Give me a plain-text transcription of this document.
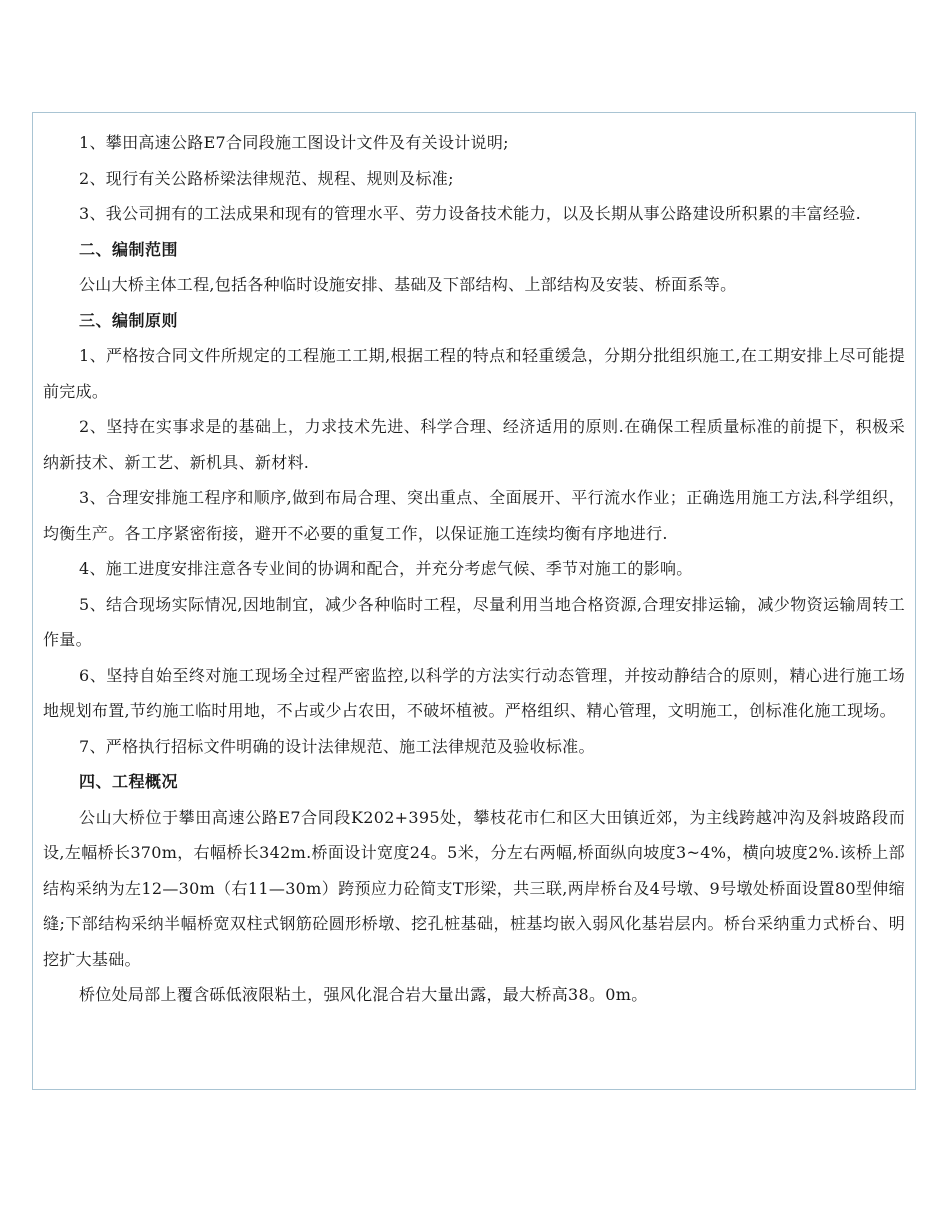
1、攀田高速公路E7合同段施工图设计文件及有关设计说明;

2、现行有关公路桥梁法律规范、规程、规则及标准;

3、我公司拥有的工法成果和现有的管理水平、劳力设备技术能力，以及长期从事公路建设所积累的丰富经验.

二、编制范围

公山大桥主体工程,包括各种临时设施安排、基础及下部结构、上部结构及安装、桥面系等。

三、编制原则

1、严格按合同文件所规定的工程施工工期,根据工程的特点和轻重缓急，分期分批组织施工,在工期安排上尽可能提前完成。

2、坚持在实事求是的基础上，力求技术先进、科学合理、经济适用的原则.在确保工程质量标准的前提下，积极采纳新技术、新工艺、新机具、新材料.

3、合理安排施工程序和顺序,做到布局合理、突出重点、全面展开、平行流水作业；正确选用施工方法,科学组织，均衡生产。各工序紧密衔接，避开不必要的重复工作，以保证施工连续均衡有序地进行.

4、施工进度安排注意各专业间的协调和配合，并充分考虑气候、季节对施工的影响。

5、结合现场实际情况,因地制宜，减少各种临时工程，尽量利用当地合格资源,合理安排运输，减少物资运输周转工作量。

6、坚持自始至终对施工现场全过程严密监控,以科学的方法实行动态管理，并按动静结合的原则，精心进行施工场地规划布置,节约施工临时用地，不占或少占农田，不破坏植被。严格组织、精心管理，文明施工，创标准化施工现场。

7、严格执行招标文件明确的设计法律规范、施工法律规范及验收标准。

四、工程概况

公山大桥位于攀田高速公路E7合同段K202+395处，攀枝花市仁和区大田镇近郊，为主线跨越冲沟及斜坡路段而设,左幅桥长370m，右幅桥长342m.桥面设计宽度24。5米，分左右两幅,桥面纵向坡度3~4%，横向坡度2%.该桥上部结构采纳为左12—30m（右11—30m）跨预应力砼简支T形梁，共三联,两岸桥台及4号墩、9号墩处桥面设置80型伸缩缝;下部结构采纳半幅桥宽双柱式钢筋砼圆形桥墩、挖孔桩基础，桩基均嵌入弱风化基岩层内。桥台采纳重力式桥台、明挖扩大基础。

桥位处局部上覆含砾低液限粘土，强风化混合岩大量出露，最大桥高38。0m。
